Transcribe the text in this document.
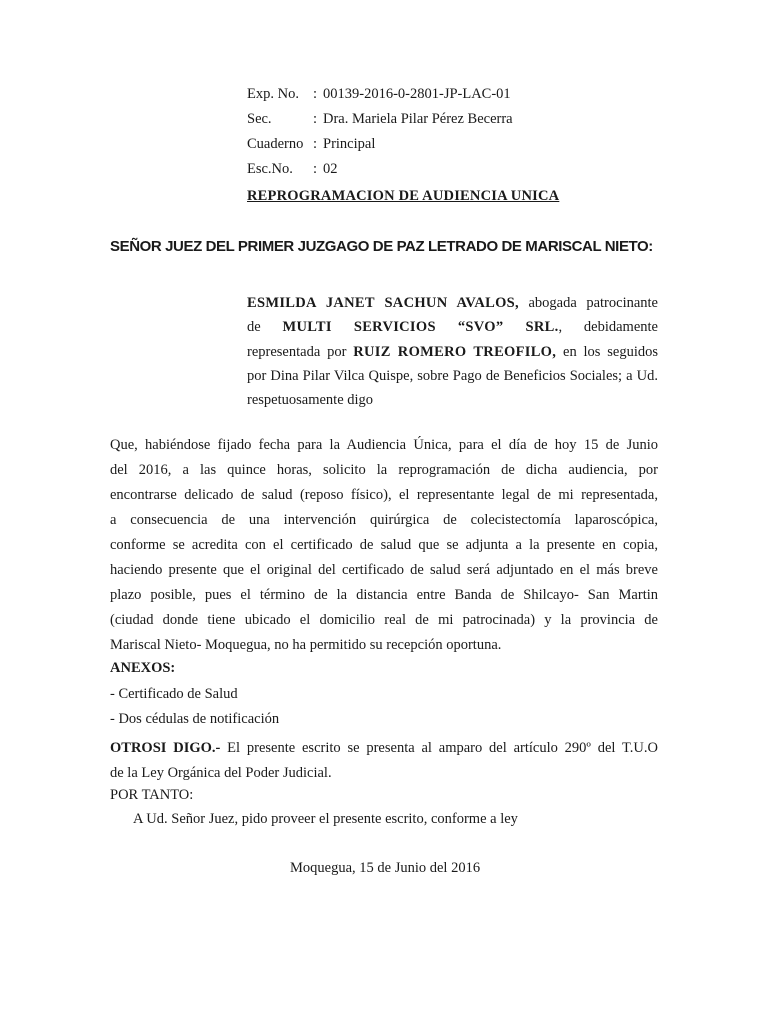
Exp. No. : 00139-2016-0-2801-JP-LAC-01
Sec.	: Dra. Mariela Pilar Pérez Becerra
Cuaderno : Principal
Esc.No. : 02
REPROGRAMACION DE AUDIENCIA UNICA
SEÑOR JUEZ DEL PRIMER JUZGAGO DE PAZ LETRADO DE MARISCAL NIETO:
ESMILDA JANET SACHUN AVALOS, abogada patrocinante
de MULTI SERVICIOS “SVO” SRL., debidamente
representada por RUIZ ROMERO TREOFILO, en los seguidos
por Dina Pilar Vilca Quispe, sobre Pago de Beneficios Sociales; a Ud.
respetuosamente digo
Que, habiéndose fijado fecha para la Audiencia Única, para el día de hoy 15 de Junio
del 2016, a las quince horas, solicito la reprogramación de dicha audiencia, por
encontrarse delicado de salud (reposo físico), el representante legal de mi representada,
a consecuencia de una intervención quirúrgica de colecistectomía laparoscópica,
conforme se acredita con el certificado de salud que se adjunta a la presente en copia,
haciendo presente que el original del certificado de salud será adjuntado en el más breve
plazo posible, pues el término de la distancia entre Banda de Shilcayo- San Martin
(ciudad donde tiene ubicado el domicilio real de mi patrocinada) y la provincia de
Mariscal Nieto- Moquegua, no ha permitido su recepción oportuna.
ANEXOS:
- Certificado de Salud
- Dos cédulas de notificación
OTROSI DIGO.- El presente escrito se presenta al amparo del artículo 290º del T.U.O
de la Ley Orgánica del Poder Judicial.
POR TANTO:
A Ud. Señor Juez, pido proveer el presente escrito, conforme a ley
Moquegua, 15 de Junio del 2016
